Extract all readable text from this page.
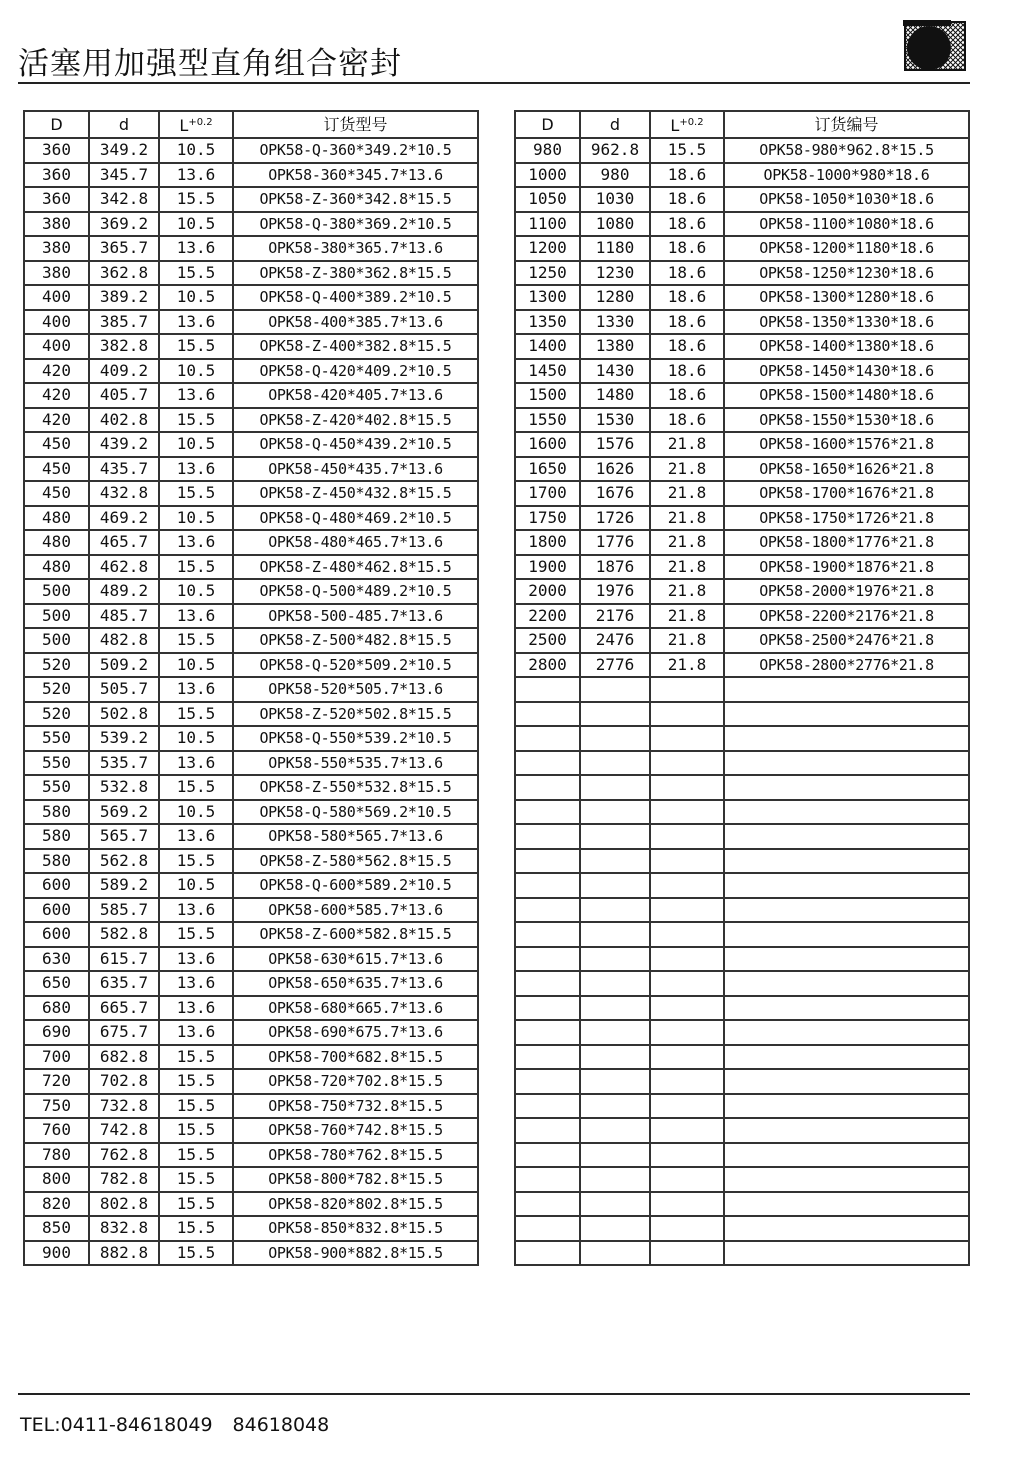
活塞用加强型直角组合密封
D	d	$L^{+0.2}$	订货型号
360	349.2	10.5	OPK58-Q-360*349.2*10.5
360	345.7	13.6	OPK58-360*345.7*13.6
360	342.8	15.5	OPK58-Z-360*342.8*15.5
380	369.2	10.5	OPK58-Q-380*369.2*10.5
380	365.7	13.6	OPK58-380*365.7*13.6
380	362.8	15.5	OPK58-Z-380*362.8*15.5
400	389.2	10.5	OPK58-Q-400*389.2*10.5
400	385.7	13.6	OPK58-400*385.7*13.6
400	382.8	15.5	OPK58-Z-400*382.8*15.5
420	409.2	10.5	OPK58-Q-420*409.2*10.5
420	405.7	13.6	OPK58-420*405.7*13.6
420	402.8	15.5	OPK58-Z-420*402.8*15.5
450	439.2	10.5	OPK58-Q-450*439.2*10.5
450	435.7	13.6	OPK58-450*435.7*13.6
450	432.8	15.5	OPK58-Z-450*432.8*15.5
480	469.2	10.5	OPK58-Q-480*469.2*10.5
480	465.7	13.6	OPK58-480*465.7*13.6
480	462.8	15.5	OPK58-Z-480*462.8*15.5
500	489.2	10.5	OPK58-Q-500*489.2*10.5
500	485.7	13.6	OPK58-500-485.7*13.6
500	482.8	15.5	OPK58-Z-500*482.8*15.5
520	509.2	10.5	OPK58-Q-520*509.2*10.5
520	505.7	13.6	OPK58-520*505.7*13.6
520	502.8	15.5	OPK58-Z-520*502.8*15.5
550	539.2	10.5	OPK58-Q-550*539.2*10.5
550	535.7	13.6	OPK58-550*535.7*13.6
550	532.8	15.5	OPK58-Z-550*532.8*15.5
580	569.2	10.5	OPK58-Q-580*569.2*10.5
580	565.7	13.6	OPK58-580*565.7*13.6
580	562.8	15.5	OPK58-Z-580*562.8*15.5
600	589.2	10.5	OPK58-Q-600*589.2*10.5
600	585.7	13.6	OPK58-600*585.7*13.6
600	582.8	15.5	OPK58-Z-600*582.8*15.5
630	615.7	13.6	OPK58-630*615.7*13.6
650	635.7	13.6	OPK58-650*635.7*13.6
680	665.7	13.6	OPK58-680*665.7*13.6
690	675.7	13.6	OPK58-690*675.7*13.6
700	682.8	15.5	OPK58-700*682.8*15.5
720	702.8	15.5	OPK58-720*702.8*15.5
750	732.8	15.5	OPK58-750*732.8*15.5
760	742.8	15.5	OPK58-760*742.8*15.5
780	762.8	15.5	OPK58-780*762.8*15.5
800	782.8	15.5	OPK58-800*782.8*15.5
820	802.8	15.5	OPK58-820*802.8*15.5
850	832.8	15.5	OPK58-850*832.8*15.5
900	882.8	15.5	OPK58-900*882.8*15.5
D	d	$L^{+0.2}$	订货编号
980	962.8	15.5	OPK58-980*962.8*15.5
1000	980	18.6	OPK58-1000*980*18.6
1050	1030	18.6	OPK58-1050*1030*18.6
1100	1080	18.6	OPK58-1100*1080*18.6
1200	1180	18.6	OPK58-1200*1180*18.6
1250	1230	18.6	OPK58-1250*1230*18.6
1300	1280	18.6	OPK58-1300*1280*18.6
1350	1330	18.6	OPK58-1350*1330*18.6
1400	1380	18.6	OPK58-1400*1380*18.6
1450	1430	18.6	OPK58-1450*1430*18.6
1500	1480	18.6	OPK58-1500*1480*18.6
1550	1530	18.6	OPK58-1550*1530*18.6
1600	1576	21.8	OPK58-1600*1576*21.8
1650	1626	21.8	OPK58-1650*1626*21.8
1700	1676	21.8	OPK58-1700*1676*21.8
1750	1726	21.8	OPK58-1750*1726*21.8
1800	1776	21.8	OPK58-1800*1776*21.8
1900	1876	21.8	OPK58-1900*1876*21.8
2000	1976	21.8	OPK58-2000*1976*21.8
2200	2176	21.8	OPK58-2200*2176*21.8
2500	2476	21.8	OPK58-2500*2476*21.8
2800	2776	21.8	OPK58-2800*2776*21.8

TEL:0411-84618049 84618048
